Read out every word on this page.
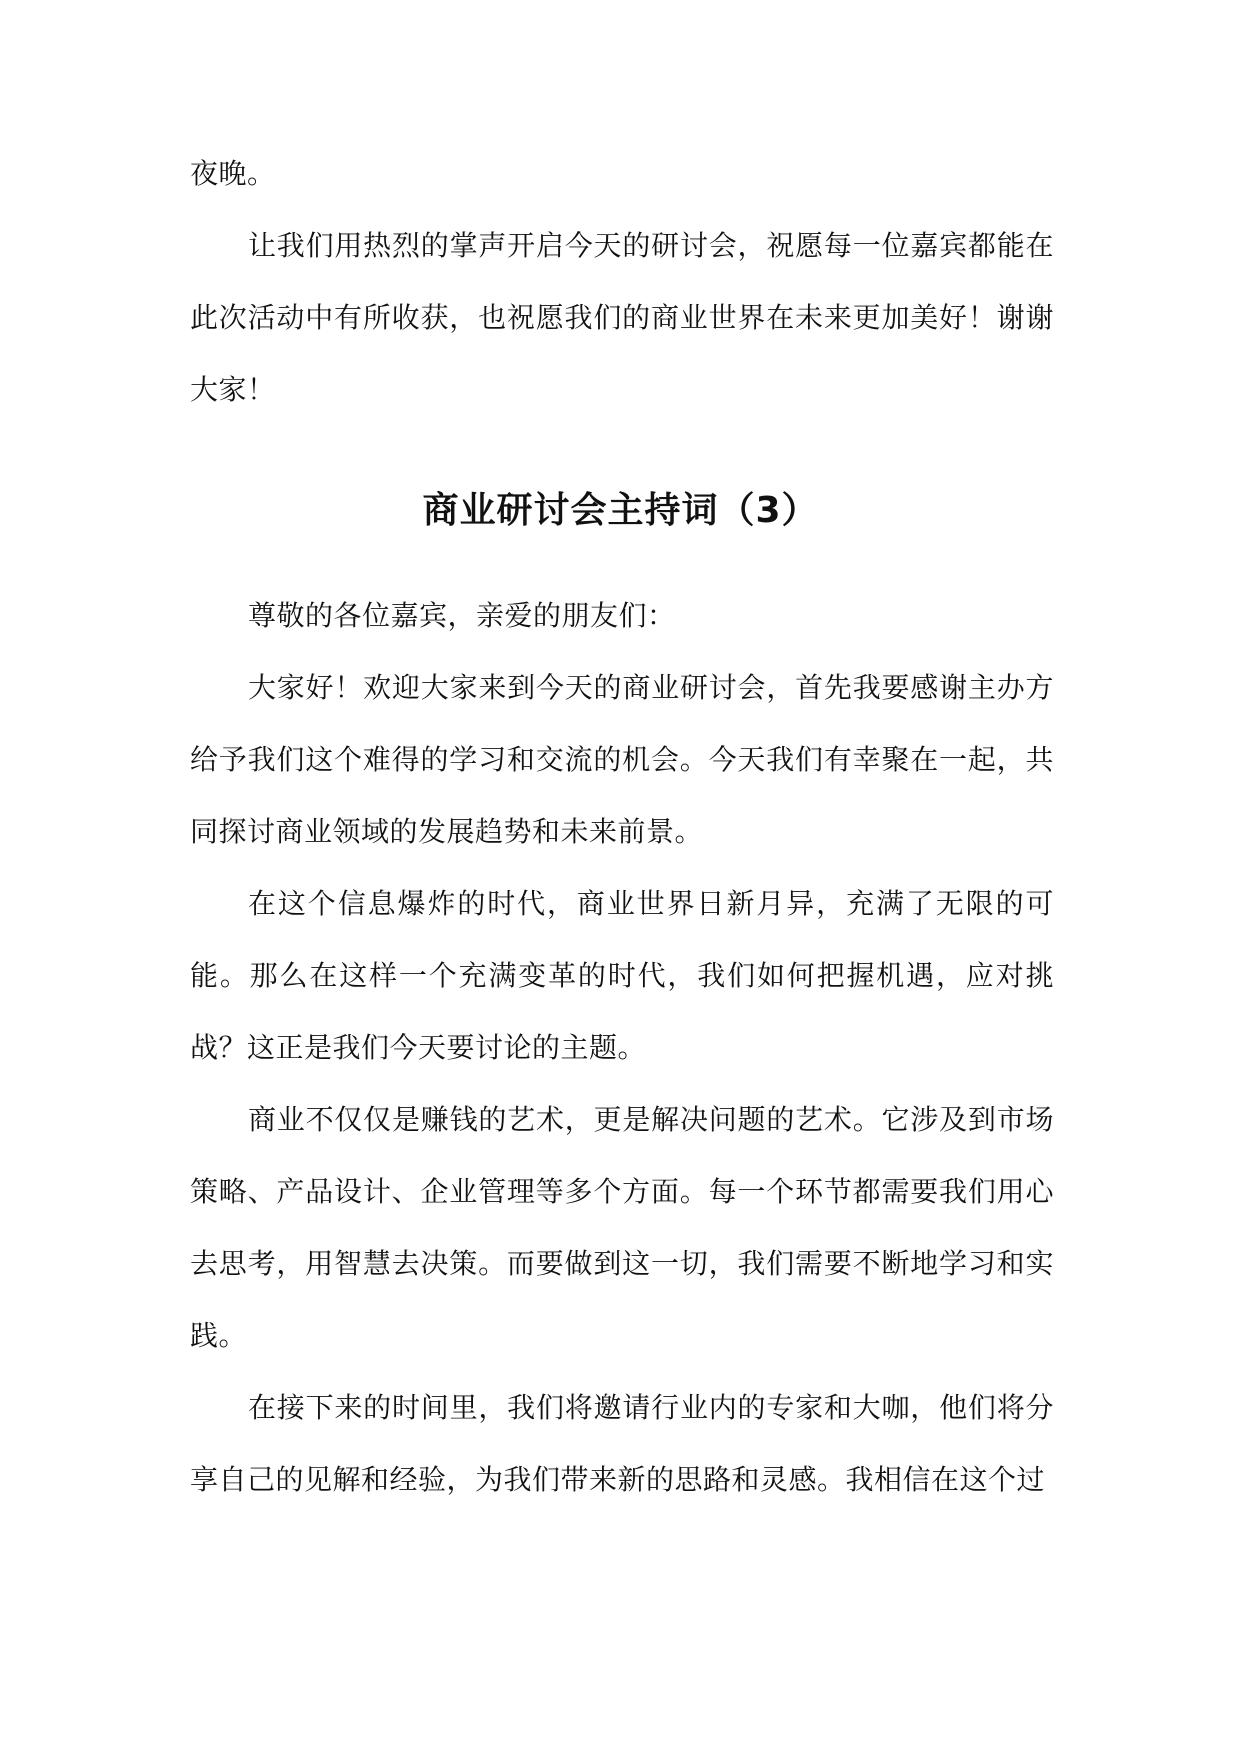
夜晚。

让我们用热烈的掌声开启今天的研讨会，祝愿每一位嘉宾都能在此次活动中有所收获，也祝愿我们的商业世界在未来更加美好！谢谢大家！

商业研讨会主持词（3）

尊敬的各位嘉宾，亲爱的朋友们：

大家好！欢迎大家来到今天的商业研讨会，首先我要感谢主办方给予我们这个难得的学习和交流的机会。今天我们有幸聚在一起，共同探讨商业领域的发展趋势和未来前景。

在这个信息爆炸的时代，商业世界日新月异，充满了无限的可能。那么在这样一个充满变革的时代，我们如何把握机遇，应对挑战？这正是我们今天要讨论的主题。

商业不仅仅是赚钱的艺术，更是解决问题的艺术。它涉及到市场策略、产品设计、企业管理等多个方面。每一个环节都需要我们用心去思考，用智慧去决策。而要做到这一切，我们需要不断地学习和实践。

在接下来的时间里，我们将邀请行业内的专家和大咖，他们将分享自己的见解和经验，为我们带来新的思路和灵感。我相信在这个过
